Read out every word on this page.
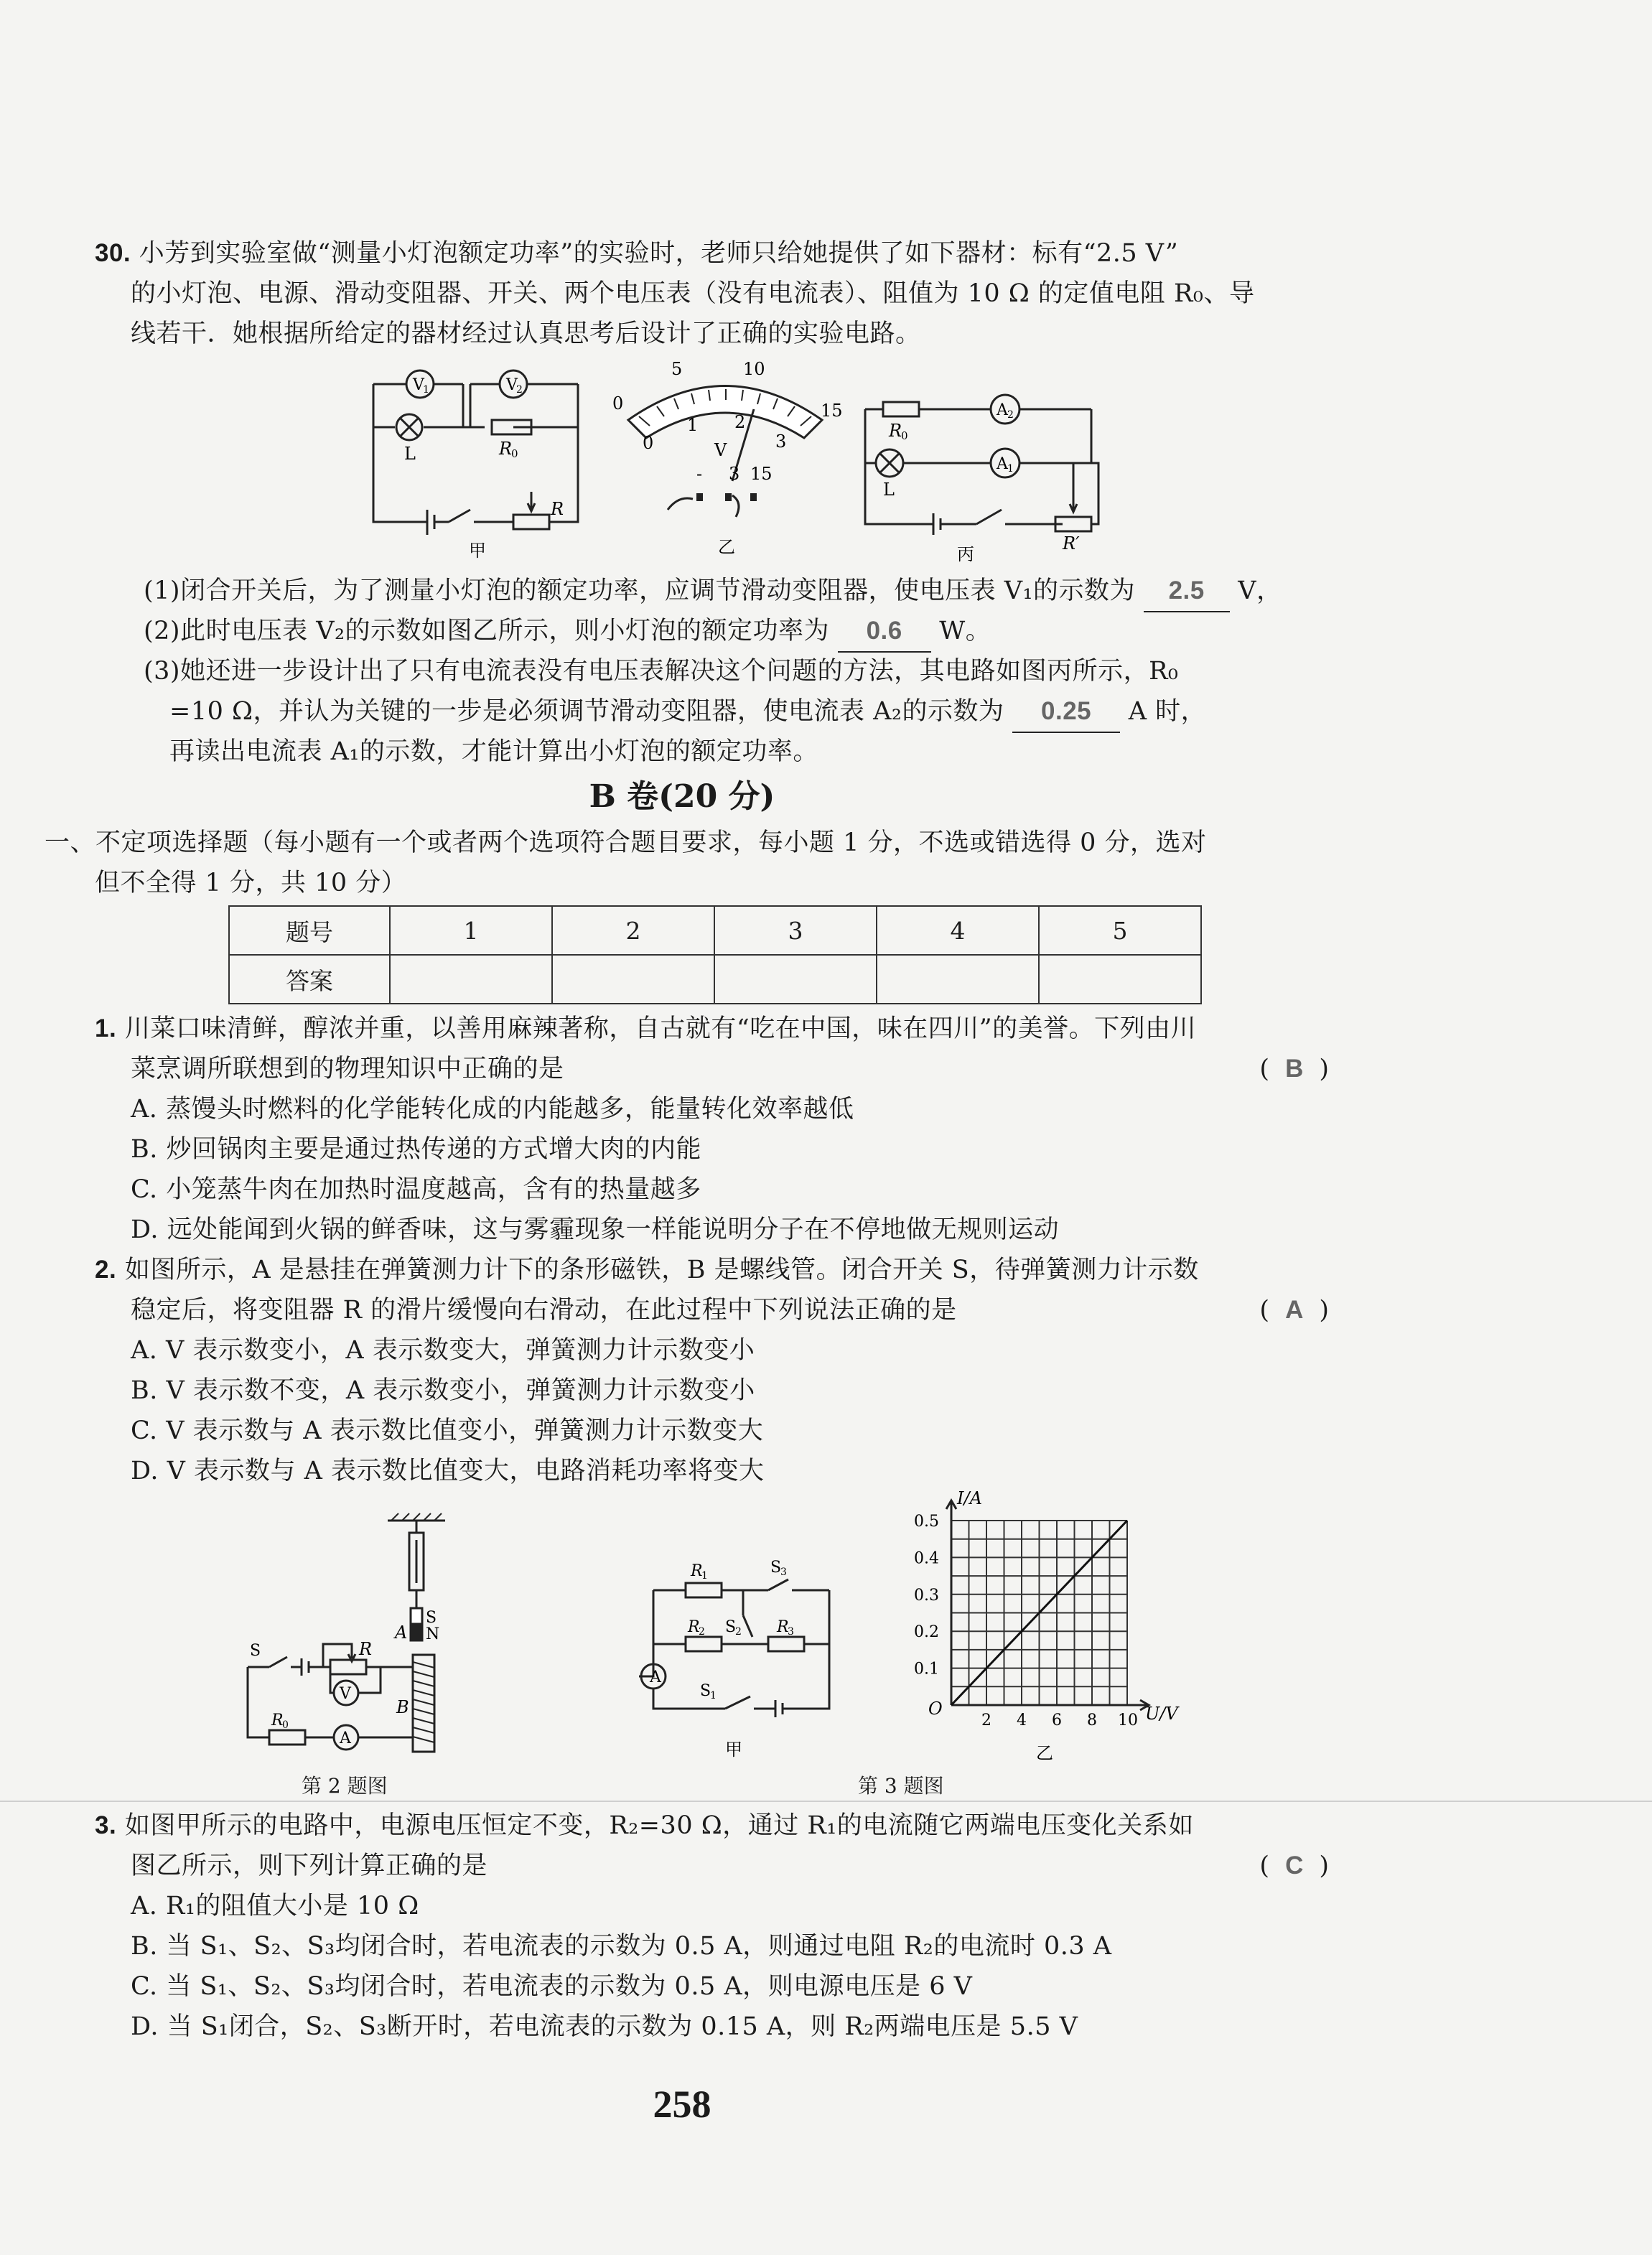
30. 小芳到实验室做“测量小灯泡额定功率”的实验时，老师只给她提供了如下器材：标有“2.5 V”
的小灯泡、电源、滑动变阻器、开关、两个电压表（没有电流表）、阻值为 10 Ω 的定值电阻 R₀、导
线若干．她根据所给定的器材经过认真思考后设计了正确的实验电路。
V
1	V
2
L	R
0
R
甲
0
5	10
15
0
1 2
3
V
- 3 15
乙
A 2
A 1
R
0
L
R′
丙
(1)闭合开关后，为了测量小灯泡的额定功率，应调节滑动变阻器，使电压表 V₁的示数为 2.5 V，
(2)此时电压表 V₂的示数如图乙所示，则小灯泡的额定功率为 0.6 W。
(3)她还进一步设计出了只有电流表没有电压表解决这个问题的方法，其电路如图丙所示，R₀
=10 Ω，并认为关键的一步是必须调节滑动变阻器，使电流表 A₂的示数为 0.25 A 时，
再读出电流表 A₁的示数，才能计算出小灯泡的额定功率。
B 卷(20 分)
一、不定项选择题（每小题有一个或者两个选项符合题目要求，每小题 1 分，不选或错选得 0 分，选对
但不全得 1 分，共 10 分）
题号	1	2	3	4	5
答案					
1. 川菜口味清鲜，醇浓并重，以善用麻辣著称，自古就有“吃在中国，味在四川”的美誉。下列由川
菜烹调所联想到的物理知识中正确的是	( B )
A. 蒸馒头时燃料的化学能转化成的内能越多，能量转化效率越低
B. 炒回锅肉主要是通过热传递的方式增大肉的内能
C. 小笼蒸牛肉在加热时温度越高，含有的热量越多
D. 远处能闻到火锅的鲜香味，这与雾霾现象一样能说明分子在不停地做无规则运动
2. 如图所示，A 是悬挂在弹簧测力计下的条形磁铁，B 是螺线管。闭合开关 S，待弹簧测力计示数
稳定后，将变阻器 R 的滑片缓慢向右滑动，在此过程中下列说法正确的是	( A )
A. V 表示数变小，A 表示数变大，弹簧测力计示数变小
B. V 表示数不变，A 表示数变小，弹簧测力计示数变小
C. V 表示数与 A 表示数比值变小，弹簧测力计示数变大
D. V 表示数与 A 表示数比值变大，电路消耗功率将变大
S
N
A
B
S	R
V
A
R
0
第 2 题图
A
R
1	S
3
R
2 S
2 R
3
S
1
甲
I/A
U/V
O
0.1
0.2
0.3
0.4
0.5
2 4 6 8 10
乙
第 3 题图
3. 如图甲所示的电路中，电源电压恒定不变，R₂=30 Ω，通过 R₁的电流随它两端电压变化关系如
图乙所示，则下列计算正确的是	( C )
A. R₁的阻值大小是 10 Ω
B. 当 S₁、S₂、S₃均闭合时，若电流表的示数为 0.5 A，则通过电阻 R₂的电流时 0.3 A
C. 当 S₁、S₂、S₃均闭合时，若电流表的示数为 0.5 A，则电源电压是 6 V
D. 当 S₁闭合，S₂、S₃断开时，若电流表的示数为 0.15 A，则 R₂两端电压是 5.5 V
258
